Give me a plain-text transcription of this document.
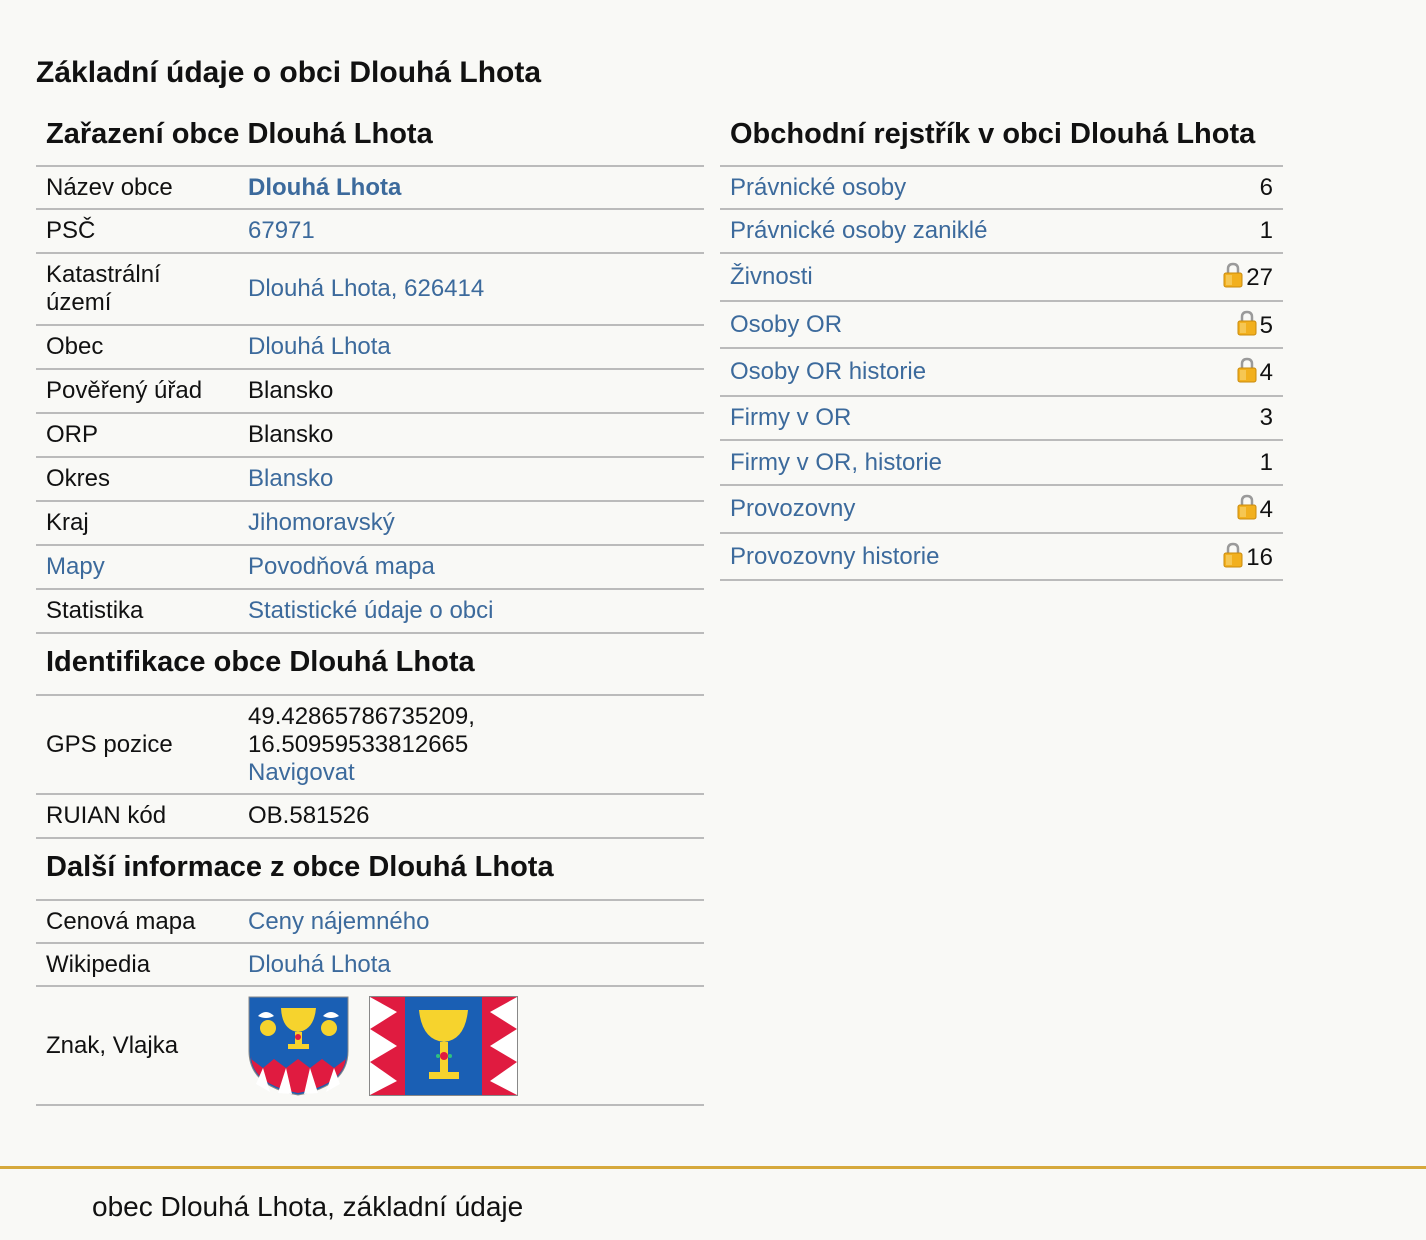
Základní údaje o obci Dlouhá Lhota
Zařazení obce Dlouhá Lhota
Název obce	Dlouhá Lhota
PSČ	67971
Katastrální území	Dlouhá Lhota, 626414
Obec	Dlouhá Lhota
Pověřený úřad	Blansko
ORP	Blansko
Okres	Blansko
Kraj	Jihomoravský
Mapy	Povodňová mapa
Statistika	Statistické údaje o obci
Identifikace obce Dlouhá Lhota
GPS pozice	49.42865786735209,
16.50959533812665
Navigovat
RUIAN kód	OB.581526
Další informace z obce Dlouhá Lhota
Cenová mapa	Ceny nájemného
Wikipedia	Dlouhá Lhota
Znak, Vlajka	
Obchodní rejstřík v obci Dlouhá Lhota
Právnické osoby	6
Právnické osoby zaniklé	1
Živnosti	27
Osoby OR	5
Osoby OR historie	4
Firmy v OR	3
Firmy v OR, historie	1
Provozovny	4
Provozovny historie	16
obec Dlouhá Lhota, základní údaje
